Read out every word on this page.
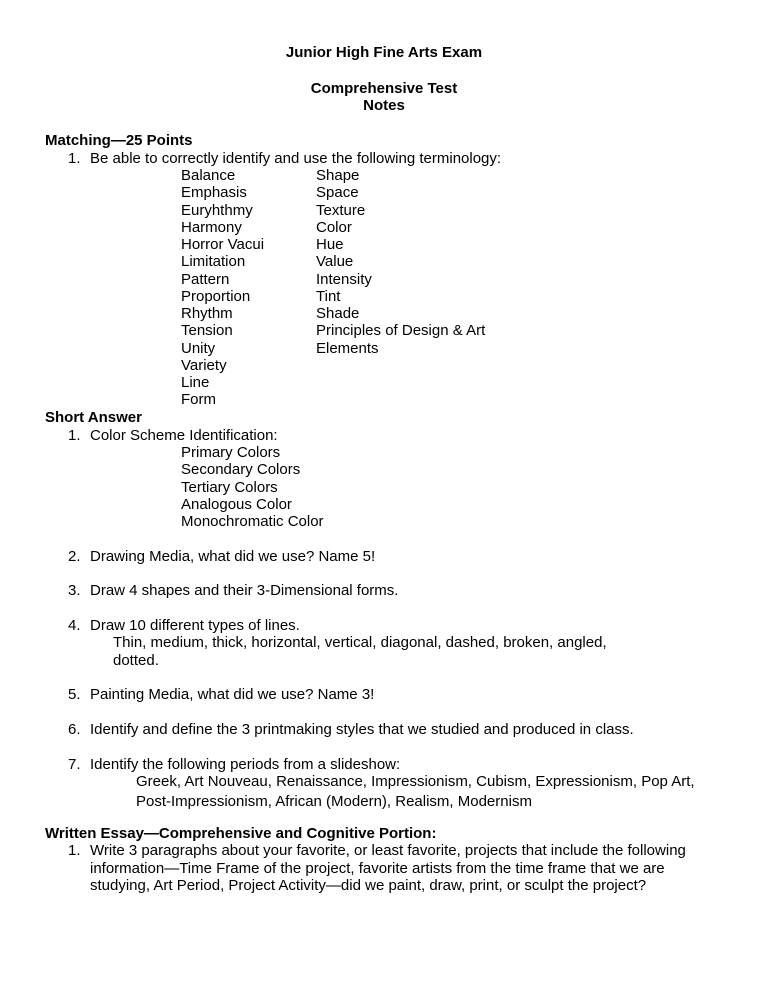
Junior High Fine Arts Exam
Comprehensive Test
Notes
Matching—25 Points
1. Be able to correctly identify and use the following terminology:
Balance
Emphasis
Euryhthmy
Harmony
Horror Vacui
Limitation
Pattern
Proportion
Rhythm
Tension
Unity
Variety
Line
Form
Shape
Space
Texture
Color
Hue
Value
Intensity
Tint
Shade
Principles of Design & Art
Elements
Short Answer
1. Color Scheme Identification:
Primary Colors
Secondary Colors
Tertiary Colors
Analogous Color
Monochromatic Color
2. Drawing Media, what did we use? Name 5!
3. Draw 4 shapes and their 3-Dimensional forms.
4. Draw 10 different types of lines.
Thin, medium, thick, horizontal, vertical, diagonal, dashed, broken, angled,
dotted.
5. Painting Media, what did we use? Name 3!
6. Identify and define the 3 printmaking styles that we studied and produced in class.
7. Identify the following periods from a slideshow:
Greek, Art Nouveau, Renaissance, Impressionism, Cubism, Expressionism, Pop Art,
Post-Impressionism, African (Modern), Realism, Modernism
Written Essay—Comprehensive and Cognitive Portion:
1. Write 3 paragraphs about your favorite, or least favorite, projects that include the following
information—Time Frame of the project, favorite artists from the time frame that we are
studying, Art Period, Project Activity—did we paint, draw, print, or sculpt the project?
